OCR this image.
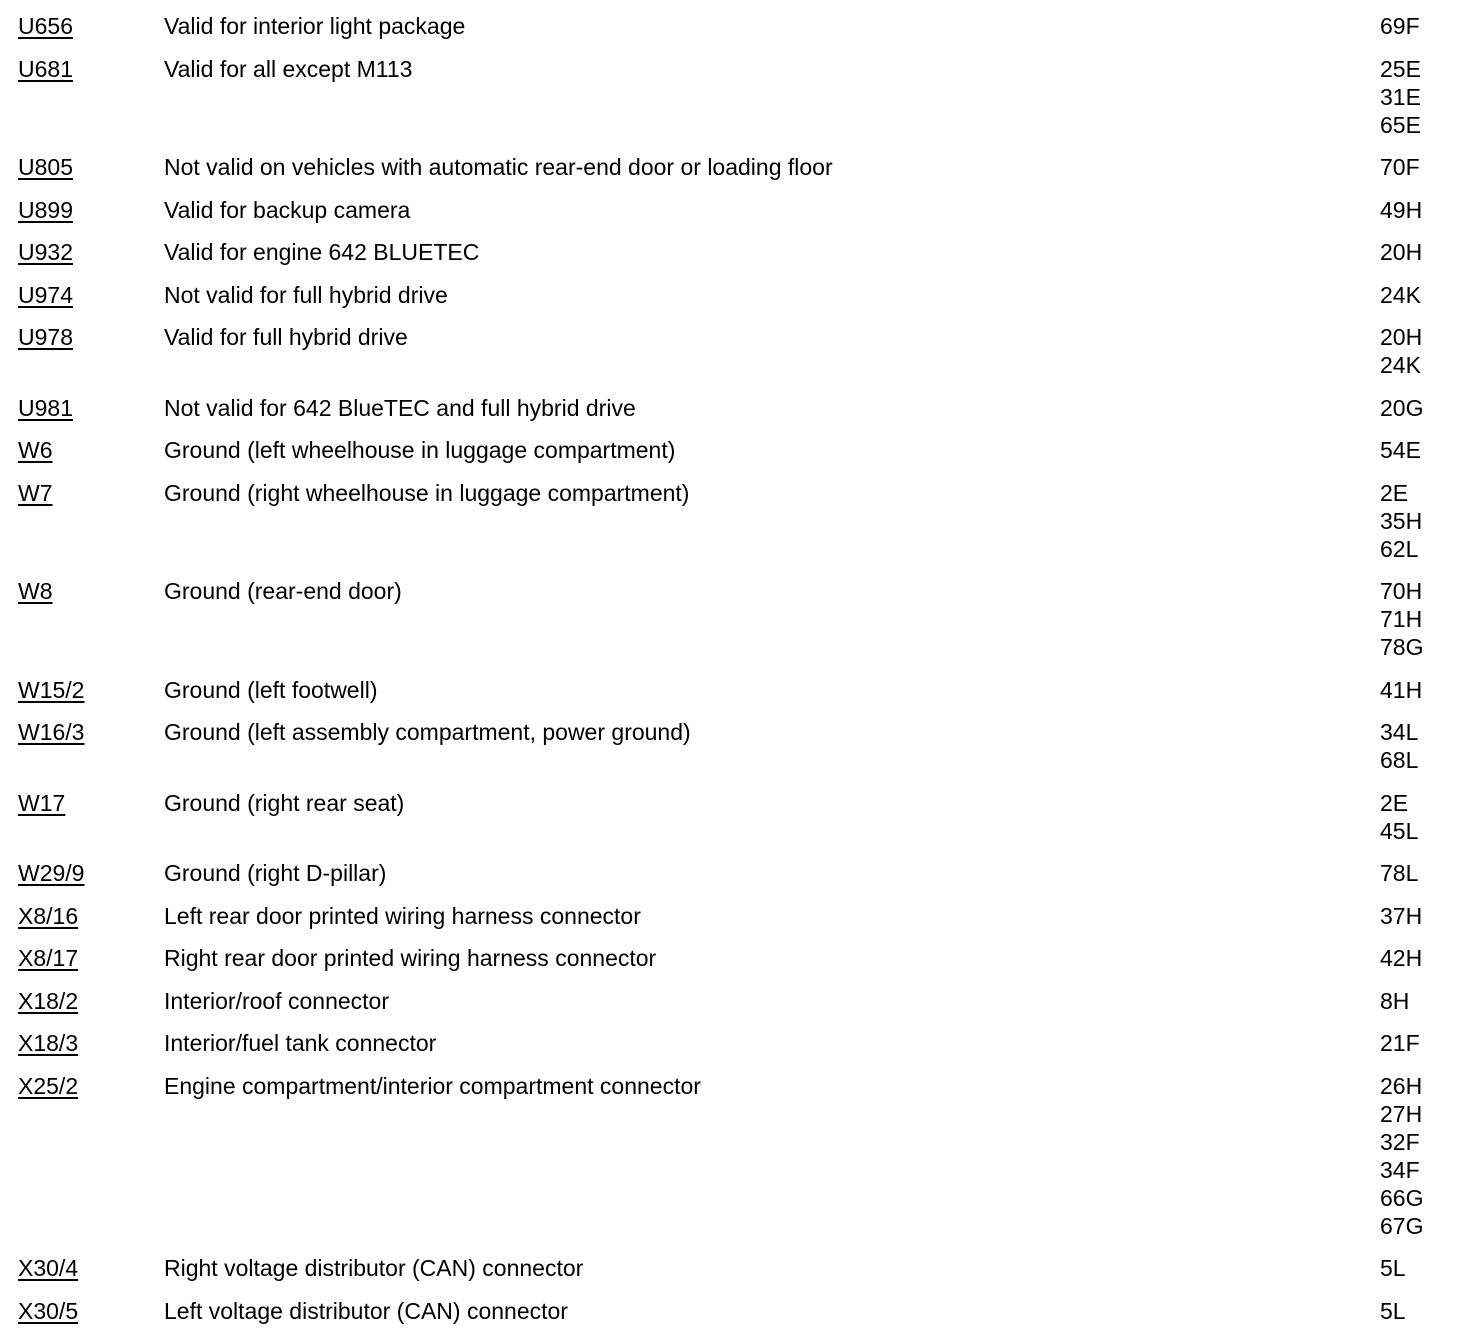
U656	Valid for interior light package	69F
U681	Valid for all except M113	25E
31E
65E
U805	Not valid on vehicles with automatic rear-end door or loading floor	70F
U899	Valid for backup camera	49H
U932	Valid for engine 642 BLUETEC	20H
U974	Not valid for full hybrid drive	24K
U978	Valid for full hybrid drive	20H
24K
U981	Not valid for 642 BlueTEC and full hybrid drive	20G
W6	Ground (left wheelhouse in luggage compartment)	54E
W7	Ground (right wheelhouse in luggage compartment)	2E
35H
62L
W8	Ground (rear-end door)	70H
71H
78G
W15/2	Ground (left footwell)	41H
W16/3	Ground (left assembly compartment, power ground)	34L
68L
W17	Ground (right rear seat)	2E
45L
W29/9	Ground (right D-pillar)	78L
X8/16	Left rear door printed wiring harness connector	37H
X8/17	Right rear door printed wiring harness connector	42H
X18/2	Interior/roof connector	8H
X18/3	Interior/fuel tank connector	21F
X25/2	Engine compartment/interior compartment connector	26H
27H
32F
34F
66G
67G
X30/4	Right voltage distributor (CAN) connector	5L
X30/5	Left voltage distributor (CAN) connector	5L
